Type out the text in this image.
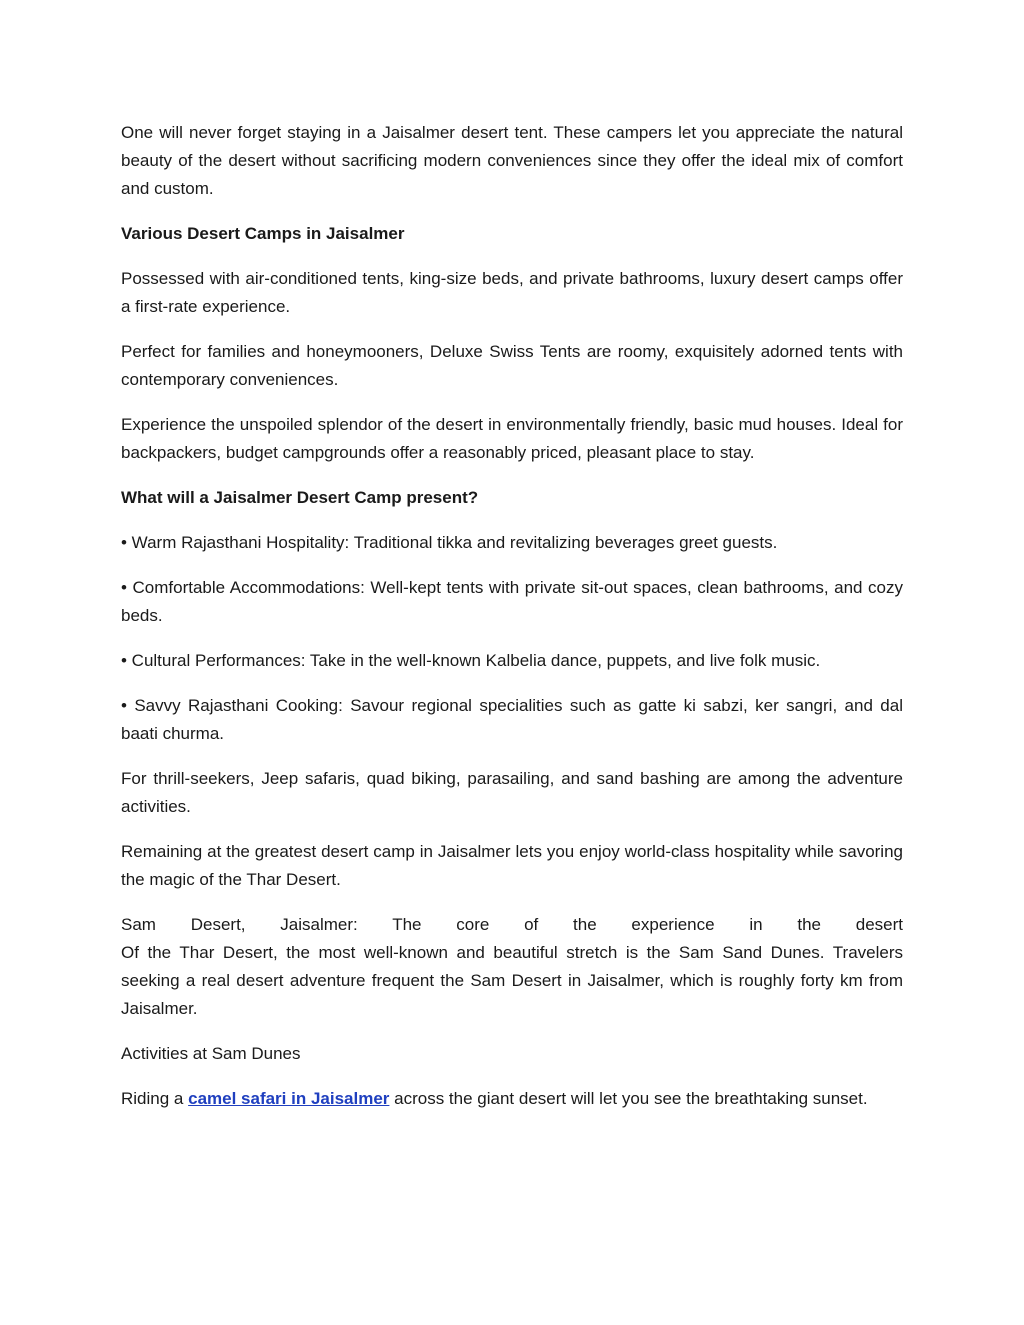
One will never forget staying in a Jaisalmer desert tent. These campers let you appreciate the natural beauty of the desert without sacrificing modern conveniences since they offer the ideal mix of comfort and custom.

Various Desert Camps in Jaisalmer

Possessed with air-conditioned tents, king-size beds, and private bathrooms, luxury desert camps offer a first-rate experience.

Perfect for families and honeymooners, Deluxe Swiss Tents are roomy, exquisitely adorned tents with contemporary conveniences.

Experience the unspoiled splendor of the desert in environmentally friendly, basic mud houses. Ideal for backpackers, budget campgrounds offer a reasonably priced, pleasant place to stay.

What will a Jaisalmer Desert Camp present?

• Warm Rajasthani Hospitality: Traditional tikka and revitalizing beverages greet guests.

• Comfortable Accommodations: Well-kept tents with private sit-out spaces, clean bathrooms, and cozy beds.

• Cultural Performances: Take in the well-known Kalbelia dance, puppets, and live folk music.

• Savvy Rajasthani Cooking: Savour regional specialities such as gatte ki sabzi, ker sangri, and dal baati churma.

For thrill-seekers, Jeep safaris, quad biking, parasailing, and sand bashing are among the adventure activities.

Remaining at the greatest desert camp in Jaisalmer lets you enjoy world-class hospitality while savoring the magic of the Thar Desert.

Sam Desert, Jaisalmer: The core of the experience in the desert

Of the Thar Desert, the most well-known and beautiful stretch is the Sam Sand Dunes. Travelers seeking a real desert adventure frequent the Sam Desert in Jaisalmer, which is roughly forty km from Jaisalmer.

Activities at Sam Dunes

Riding a camel safari in Jaisalmer across the giant desert will let you see the breathtaking sunset.
